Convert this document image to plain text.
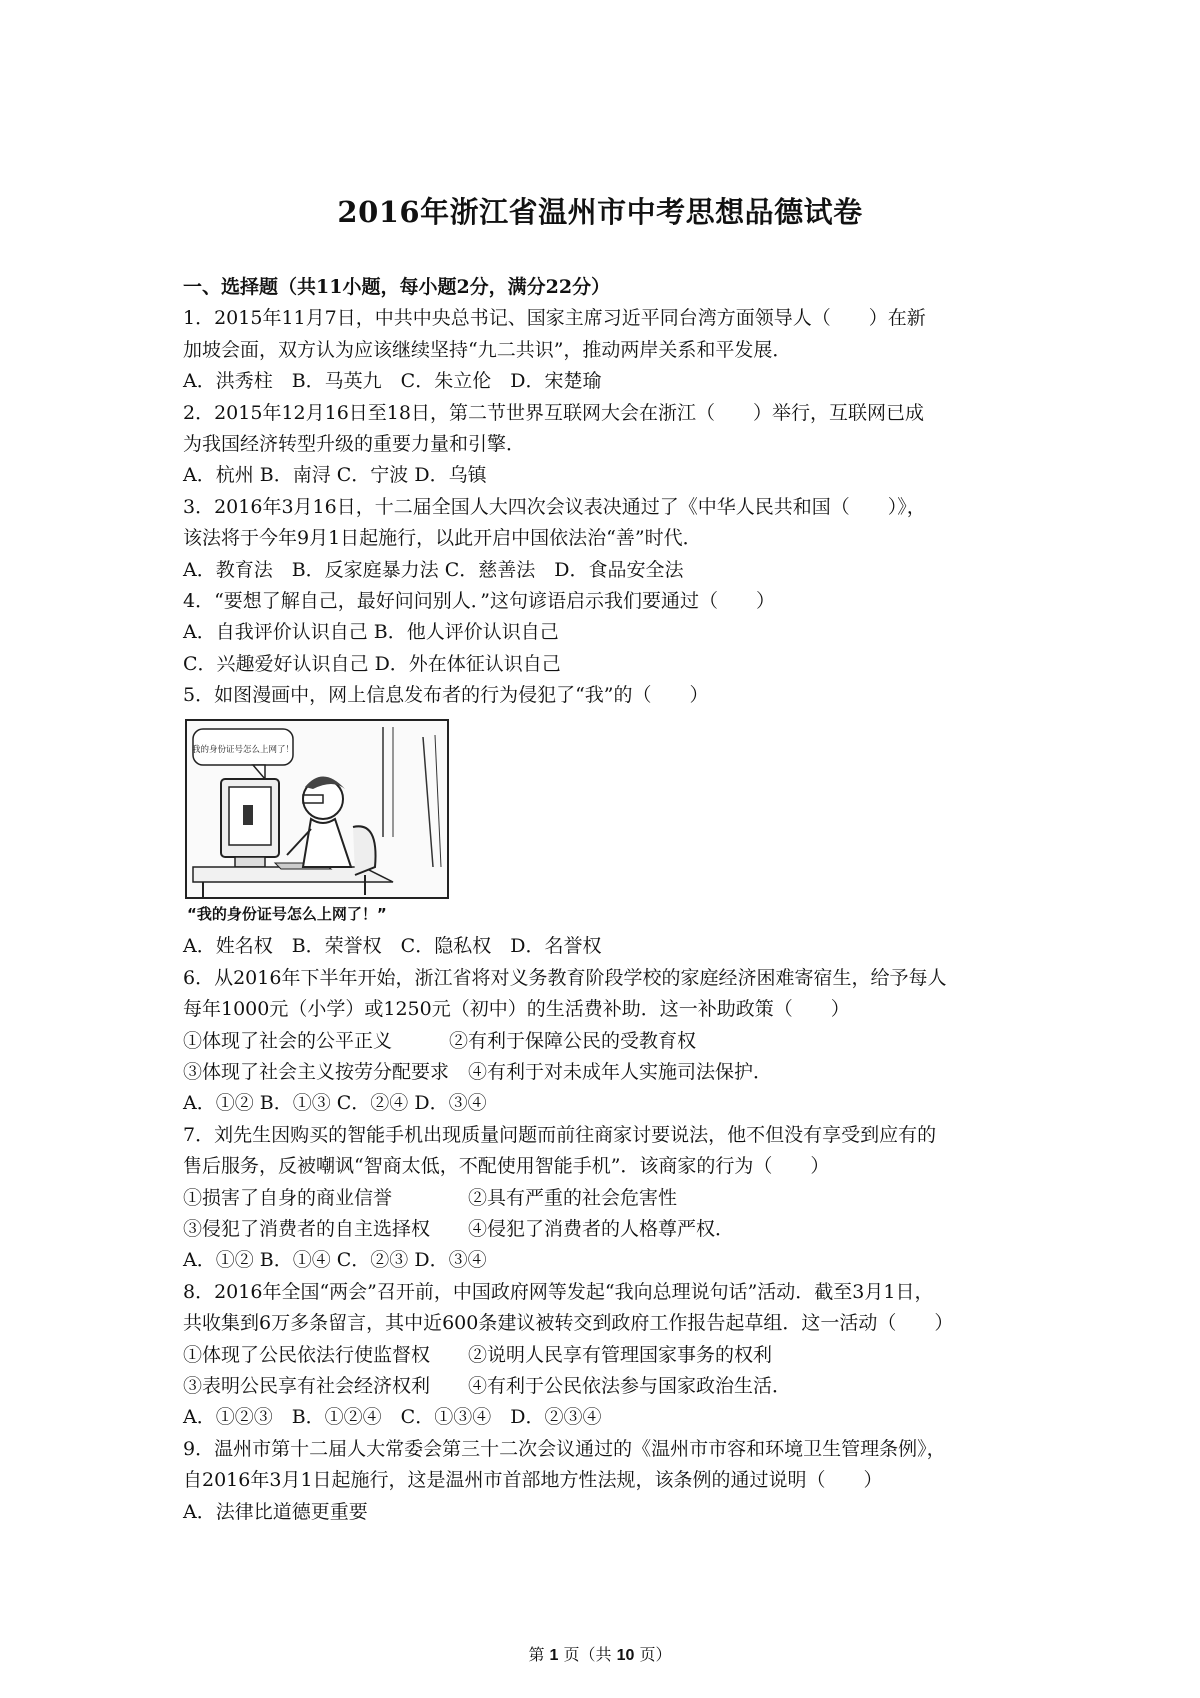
2016年浙江省温州市中考思想品德试卷
一、选择题（共11小题，每小题2分，满分22分）
1．2015年11月7日，中共中央总书记、国家主席习近平同台湾方面领导人（　　）在新
加坡会面，双方认为应该继续坚持“九二共识”，推动两岸关系和平发展．
A．洪秀柱　B．马英九　C．朱立伦　D．宋楚瑜
2．2015年12月16日至18日，第二节世界互联网大会在浙江（　　）举行，互联网已成
为我国经济转型升级的重要力量和引擎．
A．杭州 B．南浔 C．宁波 D．乌镇
3．2016年3月16日，十二届全国人大四次会议表决通过了《中华人民共和国（　　）》，
该法将于今年9月1日起施行，以此开启中国依法治“善”时代．
A．教育法　B．反家庭暴力法 C．慈善法　D．食品安全法
4．“要想了解自己，最好问问别人．”这句谚语启示我们要通过（　　）
A．自我评价认识自己 B．他人评价认识自己
C．兴趣爱好认识自己 D．外在体征认识自己
5．如图漫画中，网上信息发布者的行为侵犯了“我”的（　　）
我的身份证号怎么上网了！
“我的身份证号怎么上网了！”
A．姓名权　B．荣誉权　C．隐私权　D．名誉权
6．从2016年下半年开始，浙江省将对义务教育阶段学校的家庭经济困难寄宿生，给予每人
每年1000元（小学）或1250元（初中）的生活费补助．这一补助政策（　　）
①体现了社会的公平正义　　　②有利于保障公民的受教育权
③体现了社会主义按劳分配要求　④有利于对未成年人实施司法保护．
A．①② B．①③ C．②④ D．③④
7．刘先生因购买的智能手机出现质量问题而前往商家讨要说法，他不但没有享受到应有的
售后服务，反被嘲讽“智商太低，不配使用智能手机”．该商家的行为（　　）
①损害了自身的商业信誉　　　　②具有严重的社会危害性
③侵犯了消费者的自主选择权　　④侵犯了消费者的人格尊严权．
A．①② B．①④ C．②③ D．③④
8．2016年全国“两会”召开前，中国政府网等发起“我向总理说句话”活动．截至3月1日，
共收集到6万多条留言，其中近600条建议被转交到政府工作报告起草组．这一活动（　　）
①体现了公民依法行使监督权　　②说明人民享有管理国家事务的权利
③表明公民享有社会经济权利　　④有利于公民依法参与国家政治生活．
A．①②③　B．①②④　C．①③④　D．②③④
9．温州市第十二届人大常委会第三十二次会议通过的《温州市市容和环境卫生管理条例》，
自2016年3月1日起施行，这是温州市首部地方性法规，该条例的通过说明（　　）
A．法律比道德更重要
第 1 页（共 10 页）
